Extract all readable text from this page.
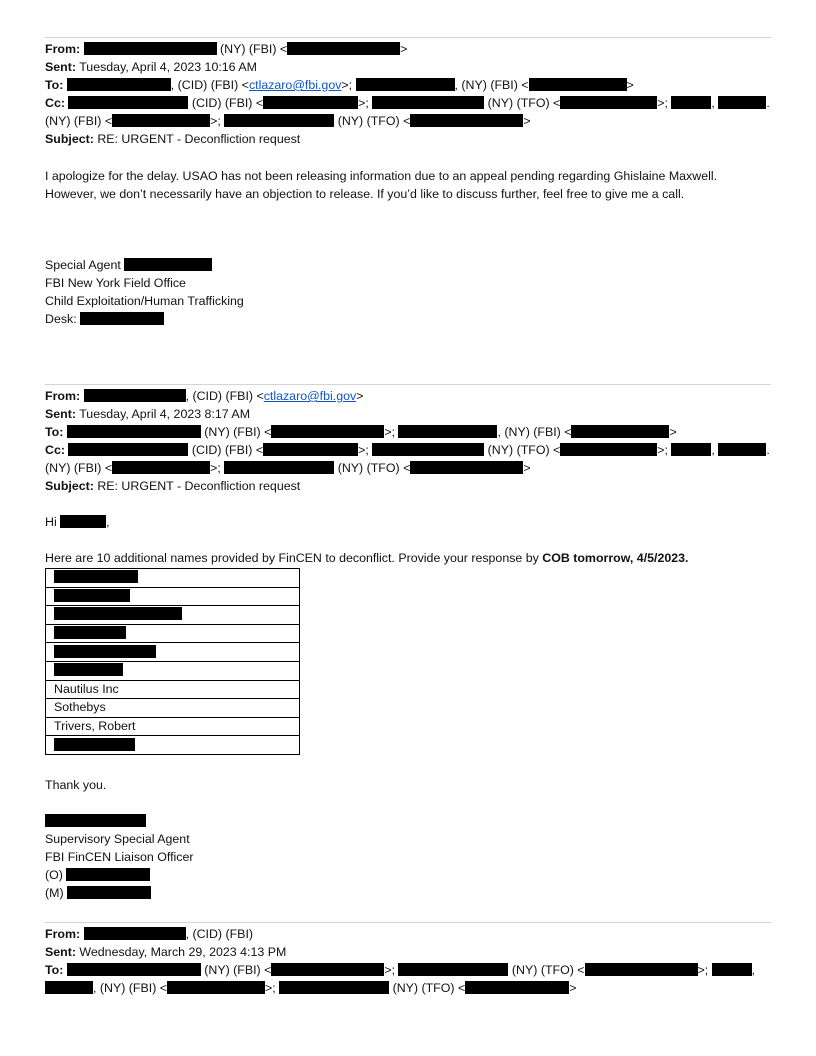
From:	(NY) (FBI) <	>
Sent: Tuesday, April 4, 2023 10:16 AM
To:	, (CID) (FBI) <ctlazaro@fbi.gov>;	, (NY) (FBI) <	>
Cc:	(CID) (FBI) <	>;	(NY) (TFO) <	>;	,	.
(NY) (FBI) <	>;	(NY) (TFO) <	>
Subject: RE: URGENT - Deconfliction request
I apologize for the delay. USAO has not been releasing information due to an appeal pending regarding Ghislaine Maxwell. However, we don’t necessarily have an objection to release. If you’d like to discuss further, feel free to give me a call.
Special Agent
FBI New York Field Office
Child Exploitation/Human Trafficking
Desk:
From:	, (CID) (FBI) <ctlazaro@fbi.gov>
Sent: Tuesday, April 4, 2023 8:17 AM
To:	(NY) (FBI) <	>;	, (NY) (FBI) <	>
Cc:	(CID) (FBI) <	>;	(NY) (TFO) <	>;	,	.
(NY) (FBI) <	>;	(NY) (TFO) <	>
Subject: RE: URGENT - Deconfliction request
Hi	,
Here are 10 additional names provided by FinCEN to deconflict. Provide your response by COB tomorrow, 4/5/2023.

Nautilus Inc
Sothebys
Trivers, Robert

Thank you.
Supervisory Special Agent
FBI FinCEN Liaison Officer
(O)
(M)
From:	, (CID) (FBI)
Sent: Wednesday, March 29, 2023 4:13 PM
To:	(NY) (FBI) <	>;	(NY) (TFO) <	>;	,
, (NY) (FBI) <	>;	(NY) (TFO) <	>
